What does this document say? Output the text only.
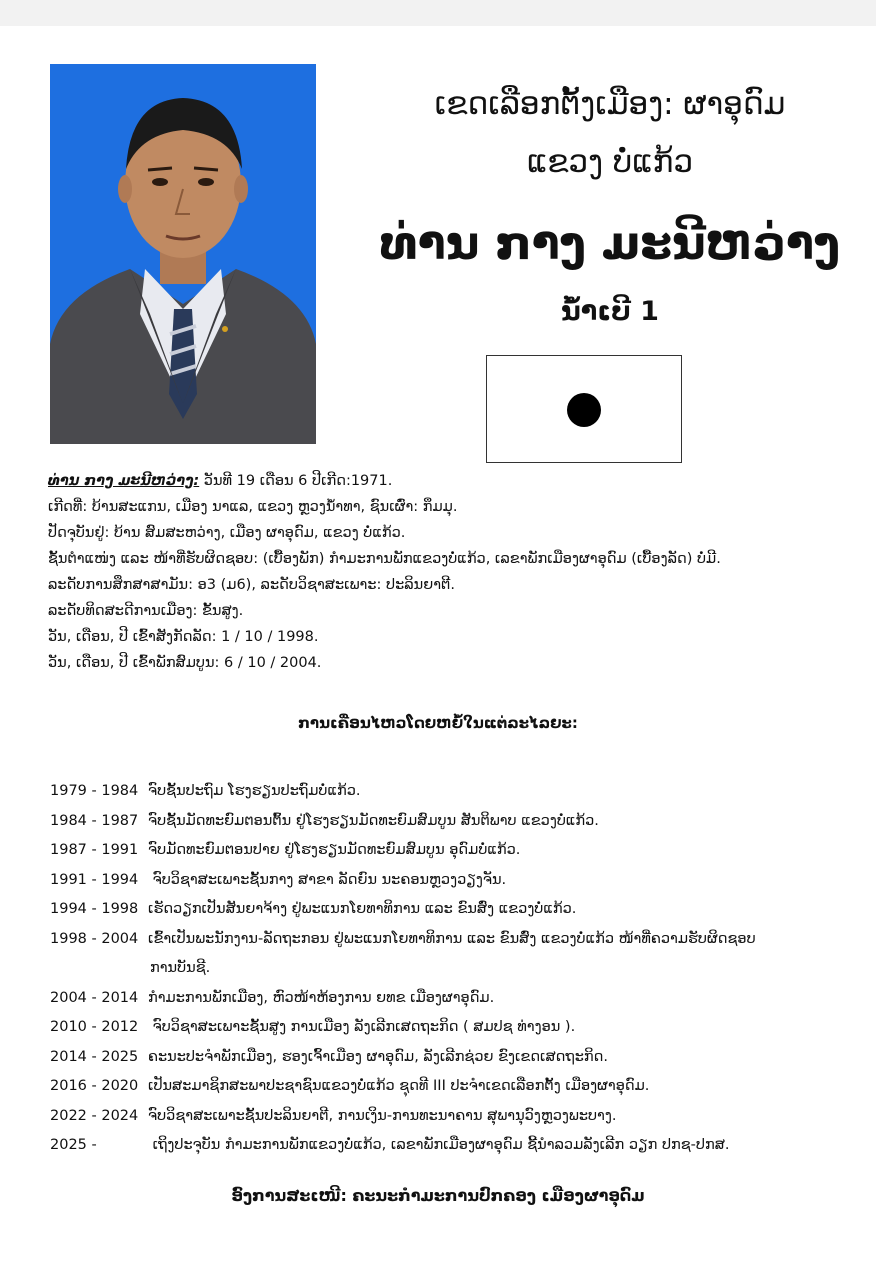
ເຂດເລືອກຕັ້ງເມືອງ: ຜາອຸດົມ
ແຂວງ ບໍ່ແກ້ວ
ທ່ານ ກາງ ມະນີຫວ່າງ
ນໍ້າເບີ 1
ທ່ານ ກາງ ມະນີຫວ່າງ: ວັນທີ 19 ເດືອນ 6 ປີເກີດ:1971.
ເກີດທີ່: ບ້ານສະແກນ, ເມືອງ ນາແລ, ແຂວງ ຫຼວງນ້ຳທາ, ຊົນເຜົ່າ: ກຶມມຸ.
ປັດຈຸບັນຢູ່: ບ້ານ ສົມສະຫວ່າງ, ເມືອງ ຜາອຸດົມ, ແຂວງ ບໍ່ແກ້ວ.
ຊັ້ນຕໍາແໜ່ງ ແລະ ໜ້າທີ່ຮັບຜິດຊອບ: (ເບື້ອງພັກ) ກໍາມະການພັກແຂວງບໍ່ແກ້ວ, ເລຂາພັກເມືອງຜາອຸດົມ (ເບື້ອງລັດ) ບໍ່ມີ.
ລະດັບການສຶກສາສາມັນ: ອ3 (ມ6), ລະດັບວິຊາສະເພາະ: ປະລິນຍາຕີ.
ລະດັບທິດສະດີການເມືອງ: ຂັ້ນສູງ.
ວັນ, ເດືອນ, ປີ ເຂົ້າສັງກັດລັດ: 1 / 10 / 1998.
ວັນ, ເດືອນ, ປີ ເຂົ້າພັກສົມບູນ: 6 / 10 / 2004.
ການເຄື່ອນໄຫວໂດຍຫຍໍ້ໃນແຕ່ລະໄລຍະ:
1979 - 1984 ຈົບຊັ້ນປະຖົມ ໂຮງຮຽນປະຖົມບໍ່ແກ້ວ.
1984 - 1987 ຈົບຊັ້ນມັດທະຍົມຕອນຕົ້ນ ຢູ່ໂຮງຮຽນມັດທະຍົມສົມບູນ ສັນຕິພາບ ແຂວງບໍ່ແກ້ວ.
1987 - 1991 ຈົບມັດທະຍົມຕອນປາຍ ຢູ່ໂຮງຮຽນມັດທະຍົມສົມບູນ ອຸດົມບໍ່ແກ້ວ.
1991 - 1994 ຈົບວິຊາສະເພາະຊັ້ນກາງ ສາຂາ ລັດຍົນ ນະຄອນຫຼວງວຽງຈັນ.
1994 - 1998 ເຮັດວຽກເປັນສັນຍາຈ້າງ ຢູ່ພະແນກໂຍທາທິການ ແລະ ຂົນສົ່ງ ແຂວງບໍ່ແກ້ວ.
1998 - 2004 ເຂົ້າເປັນພະນັກງານ-ລັດຖະກອນ ຢູ່ພະແນກໂຍທາທິການ ແລະ ຂົນສົ່ງ ແຂວງບໍ່ແກ້ວ ໜ້າທີ່ຄວາມຮັບຜິດຊອບ
ການບັນຊີ.
2004 - 2014 ກໍາມະການພັກເມືອງ, ຫົວໜ້າຫ້ອງການ ຍທຂ ເມືອງຜາອຸດົມ.
2010 - 2012 ຈົບວິຊາສະເພາະຊັ້ນສູງ ການເມືອງ ລັງເລີກເສດຖະກິດ ( ສມປຊ ທ່າງອນ ).
2014 - 2025 ຄະນະປະຈໍາພັກເມືອງ, ຮອງເຈົ້າເມືອງ ຜາອຸດົມ, ລັງເລີກຊ່ວຍ ຂົງເຂດເສດຖະກິດ.
2016 - 2020 ເປັນສະມາຊິກສະພາປະຊາຊົນແຂວງບໍ່ແກ້ວ ຊຸດທີ III ປະຈໍາເຂດເລືອກຕັ້ງ ເມືອງຜາອຸດົມ.
2022 - 2024 ຈົບວິຊາສະເພາະຊັ້ນປະລິນຍາຕີ, ການເງິນ-ການທະນາຄານ ສຸພານຸວົງຫຼວງພະບາງ.
2025 -	ເຖິງປະຈຸບັນ ກໍາມະການພັກແຂວງບໍ່ແກ້ວ, ເລຂາພັກເມືອງຜາອຸດົມ ຊີ້ນໍາລວມລັງເລີກ ວຽກ ປກຊ-ປກສ.
ອົງການສະເໜີ: ຄະນະກໍາມະການປົກຄອງ ເມືອງຜາອຸດົມ
